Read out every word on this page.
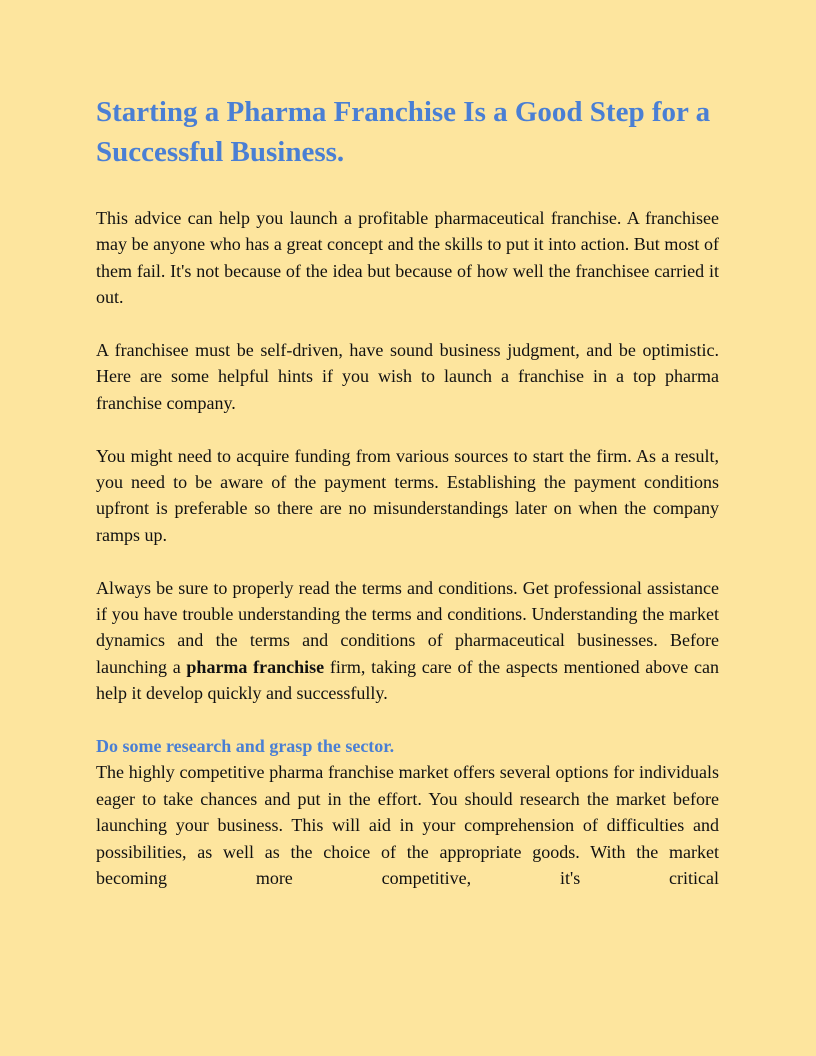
Starting a Pharma Franchise Is a Good Step for a Successful Business.

This advice can help you launch a profitable pharmaceutical franchise. A franchisee may be anyone who has a great concept and the skills to put it into action. But most of them fail. It's not because of the idea but because of how well the franchisee carried it out.

A franchisee must be self-driven, have sound business judgment, and be optimistic. Here are some helpful hints if you wish to launch a franchise in a top pharma franchise company.

You might need to acquire funding from various sources to start the firm. As a result, you need to be aware of the payment terms. Establishing the payment conditions upfront is preferable so there are no misunderstandings later on when the company ramps up.

Always be sure to properly read the terms and conditions. Get professional assistance if you have trouble understanding the terms and conditions. Understanding the market dynamics and the terms and conditions of pharmaceutical businesses. Before launching a pharma franchise firm, taking care of the aspects mentioned above can help it develop quickly and successfully.

Do some research and grasp the sector.

The highly competitive pharma franchise market offers several options for individuals eager to take chances and put in the effort. You should research the market before launching your business. This will aid in your comprehension of difficulties and possibilities, as well as the choice of the appropriate goods. With the market becoming more competitive, it's critical
